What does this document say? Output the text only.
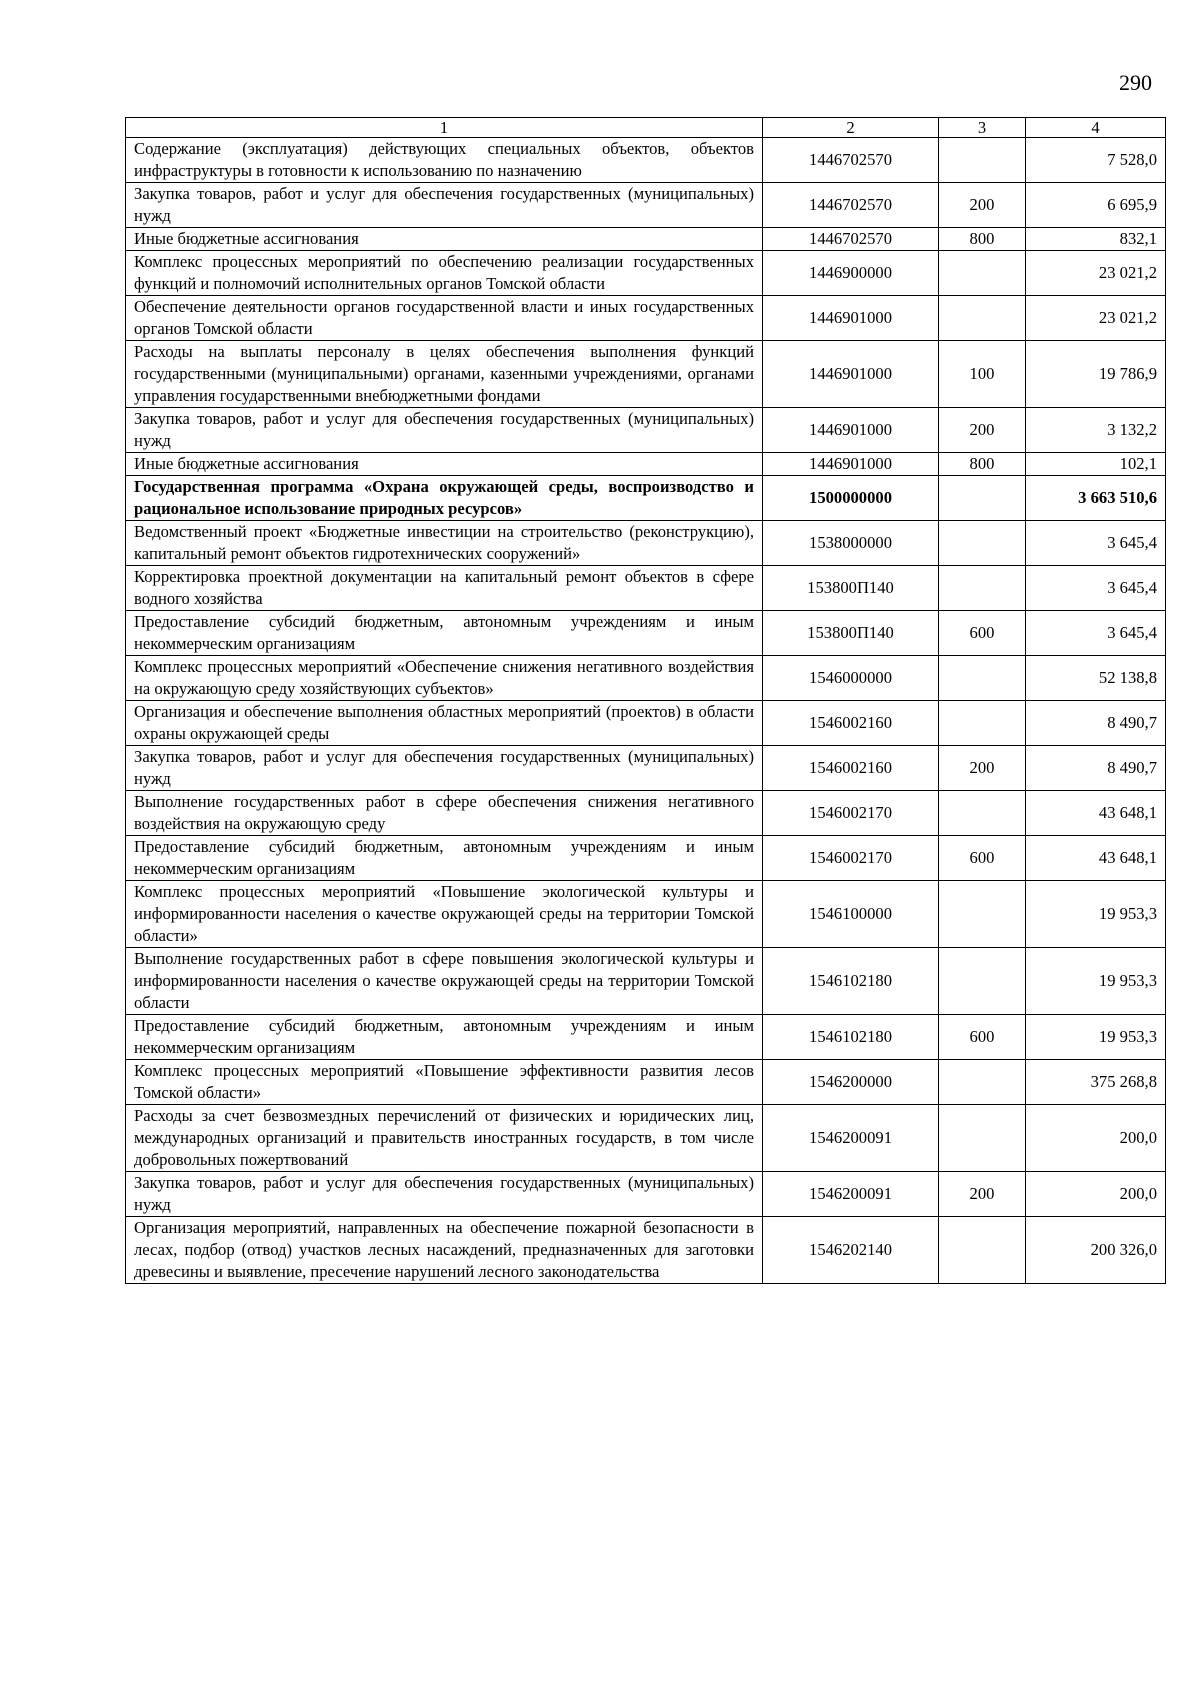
290
1	2	3	4
Содержание (эксплуатация) действующих специальных объектов, объектов инфраструктуры в готовности к использованию по назначению	1446702570		7 528,0
Закупка товаров, работ и услуг для обеспечения государственных (муниципальных) нужд	1446702570	200	6 695,9
Иные бюджетные ассигнования	1446702570	800	832,1
Комплекс процессных мероприятий по обеспечению реализации государственных функций и полномочий исполнительных органов Томской области	1446900000		23 021,2
Обеспечение деятельности органов государственной власти и иных государственных органов Томской области	1446901000		23 021,2
Расходы на выплаты персоналу в целях обеспечения выполнения функций государственными (муниципальными) органами, казенными учреждениями, органами управления государственными внебюджетными фондами	1446901000	100	19 786,9
Закупка товаров, работ и услуг для обеспечения государственных (муниципальных) нужд	1446901000	200	3 132,2
Иные бюджетные ассигнования	1446901000	800	102,1
Государственная программа «Охрана окружающей среды, воспроизводство и рациональное использование природных ресурсов»	1500000000		3 663 510,6
Ведомственный проект «Бюджетные инвестиции на строительство (реконструкцию), капитальный ремонт объектов гидротехнических сооружений»	1538000000		3 645,4
Корректировка проектной документации на капитальный ремонт объектов в сфере водного хозяйства	153800П140		3 645,4
Предоставление субсидий бюджетным, автономным учреждениям и иным некоммерческим организациям	153800П140	600	3 645,4
Комплекс процессных мероприятий «Обеспечение снижения негативного воздействия на окружающую среду хозяйствующих субъектов»	1546000000		52 138,8
Организация и обеспечение выполнения областных мероприятий (проектов) в области охраны окружающей среды	1546002160		8 490,7
Закупка товаров, работ и услуг для обеспечения государственных (муниципальных) нужд	1546002160	200	8 490,7
Выполнение государственных работ в сфере обеспечения снижения негативного воздействия на окружающую среду	1546002170		43 648,1
Предоставление субсидий бюджетным, автономным учреждениям и иным некоммерческим организациям	1546002170	600	43 648,1
Комплекс процессных мероприятий «Повышение экологической культуры и информированности населения о качестве окружающей среды на территории Томской области»	1546100000		19 953,3
Выполнение государственных работ в сфере повышения экологической культуры и информированности населения о качестве окружающей среды на территории Томской области	1546102180		19 953,3
Предоставление субсидий бюджетным, автономным учреждениям и иным некоммерческим организациям	1546102180	600	19 953,3
Комплекс процессных мероприятий «Повышение эффективности развития лесов Томской области»	1546200000		375 268,8
Расходы за счет безвозмездных перечислений от физических и юридических лиц, международных организаций и правительств иностранных государств, в том числе добровольных пожертвований	1546200091		200,0
Закупка товаров, работ и услуг для обеспечения государственных (муниципальных) нужд	1546200091	200	200,0
Организация мероприятий, направленных на обеспечение пожарной безопасности в лесах, подбор (отвод) участков лесных насаждений, предназначенных для заготовки древесины и выявление, пресечение нарушений лесного законодательства	1546202140		200 326,0
